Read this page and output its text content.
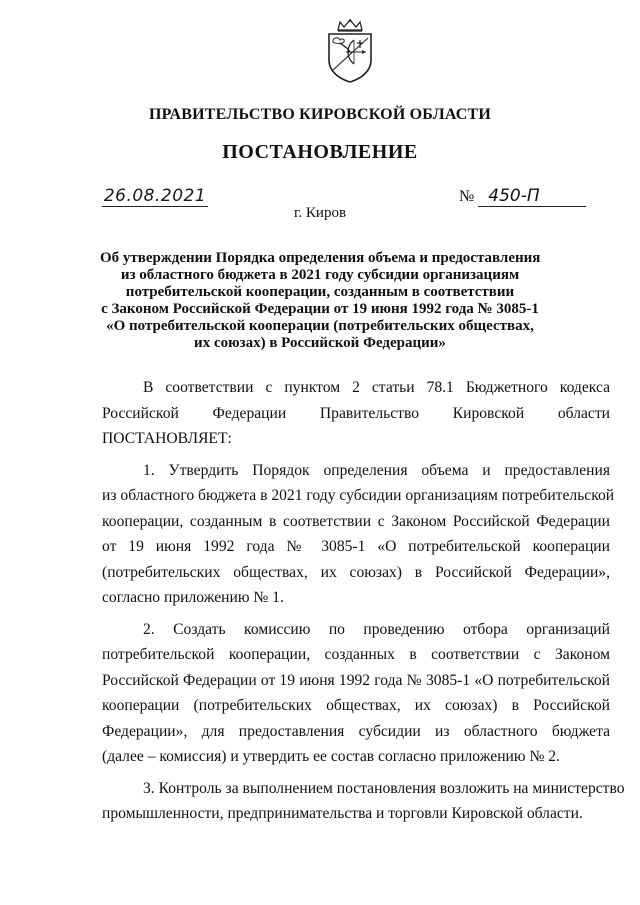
ПРАВИТЕЛЬСТВО КИРОВСКОЙ ОБЛАСТИ
ПОСТАНОВЛЕНИЕ
26.08.2021	№ 450-П
г. Киров
Об утверждении Порядка определения объема и предоставления
из областного бюджета в 2021 году субсидии организациям
потребительской кооперации, созданным в соответствии
с Законом Российской Федерации от 19 июня 1992 года № 3085-1
«О потребительской кооперации (потребительских обществах,
их союзах) в Российской Федерации»
В соответствии с пунктом 2 статьи 78.1 Бюджетного кодекса
Российской Федерации Правительство Кировской области
ПОСТАНОВЛЯЕТ:
1. Утвердить Порядок определения объема и предоставления
из областного бюджета в 2021 году субсидии организациям потребительской
кооперации, созданным в соответствии с Законом Российской Федерации
от 19 июня 1992 года № 3085-1 «О потребительской кооперации
(потребительских обществах, их союзах) в Российской Федерации»,
согласно приложению № 1.
2. Создать комиссию по проведению отбора организаций
потребительской кооперации, созданных в соответствии с Законом
Российской Федерации от 19 июня 1992 года № 3085-1 «О потребительской
кооперации (потребительских обществах, их союзах) в Российской
Федерации», для предоставления субсидии из областного бюджета
(далее – комиссия) и утвердить ее состав согласно приложению № 2.
3. Контроль за выполнением постановления возложить на министерство
промышленности, предпринимательства и торговли Кировской области.
